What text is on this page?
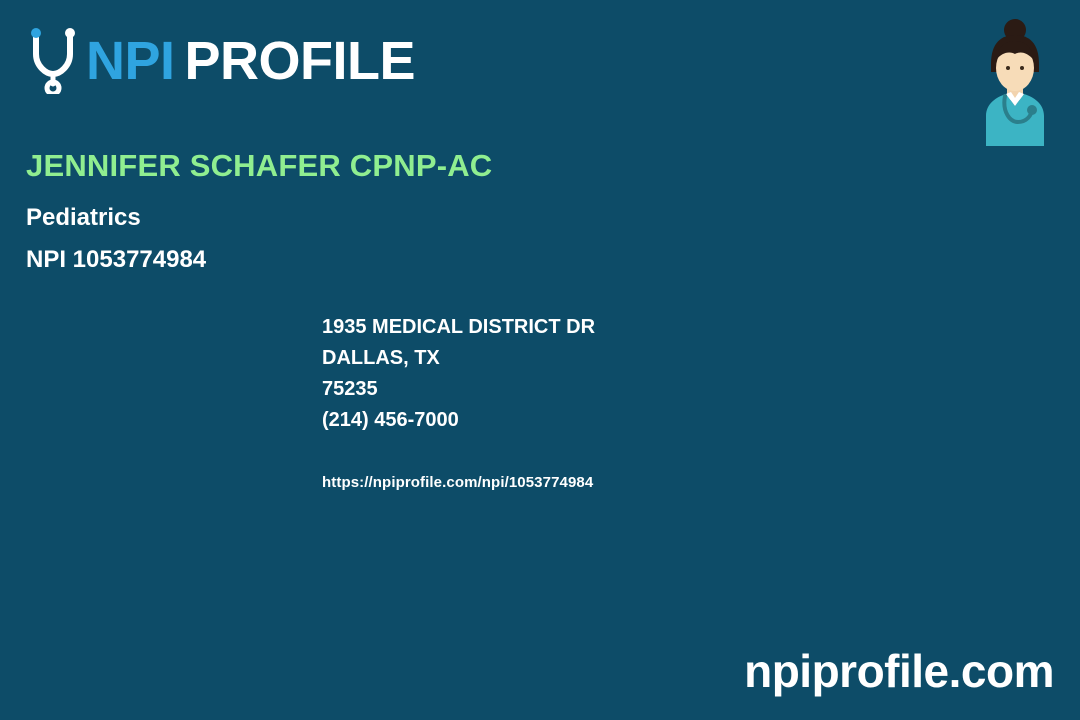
NPI PROFILE
JENNIFER SCHAFER CPNP-AC
Pediatrics
NPI 1053774984
1935 MEDICAL DISTRICT DR
DALLAS, TX
75235
(214) 456-7000
https://npiprofile.com/npi/1053774984
npiprofile.com
